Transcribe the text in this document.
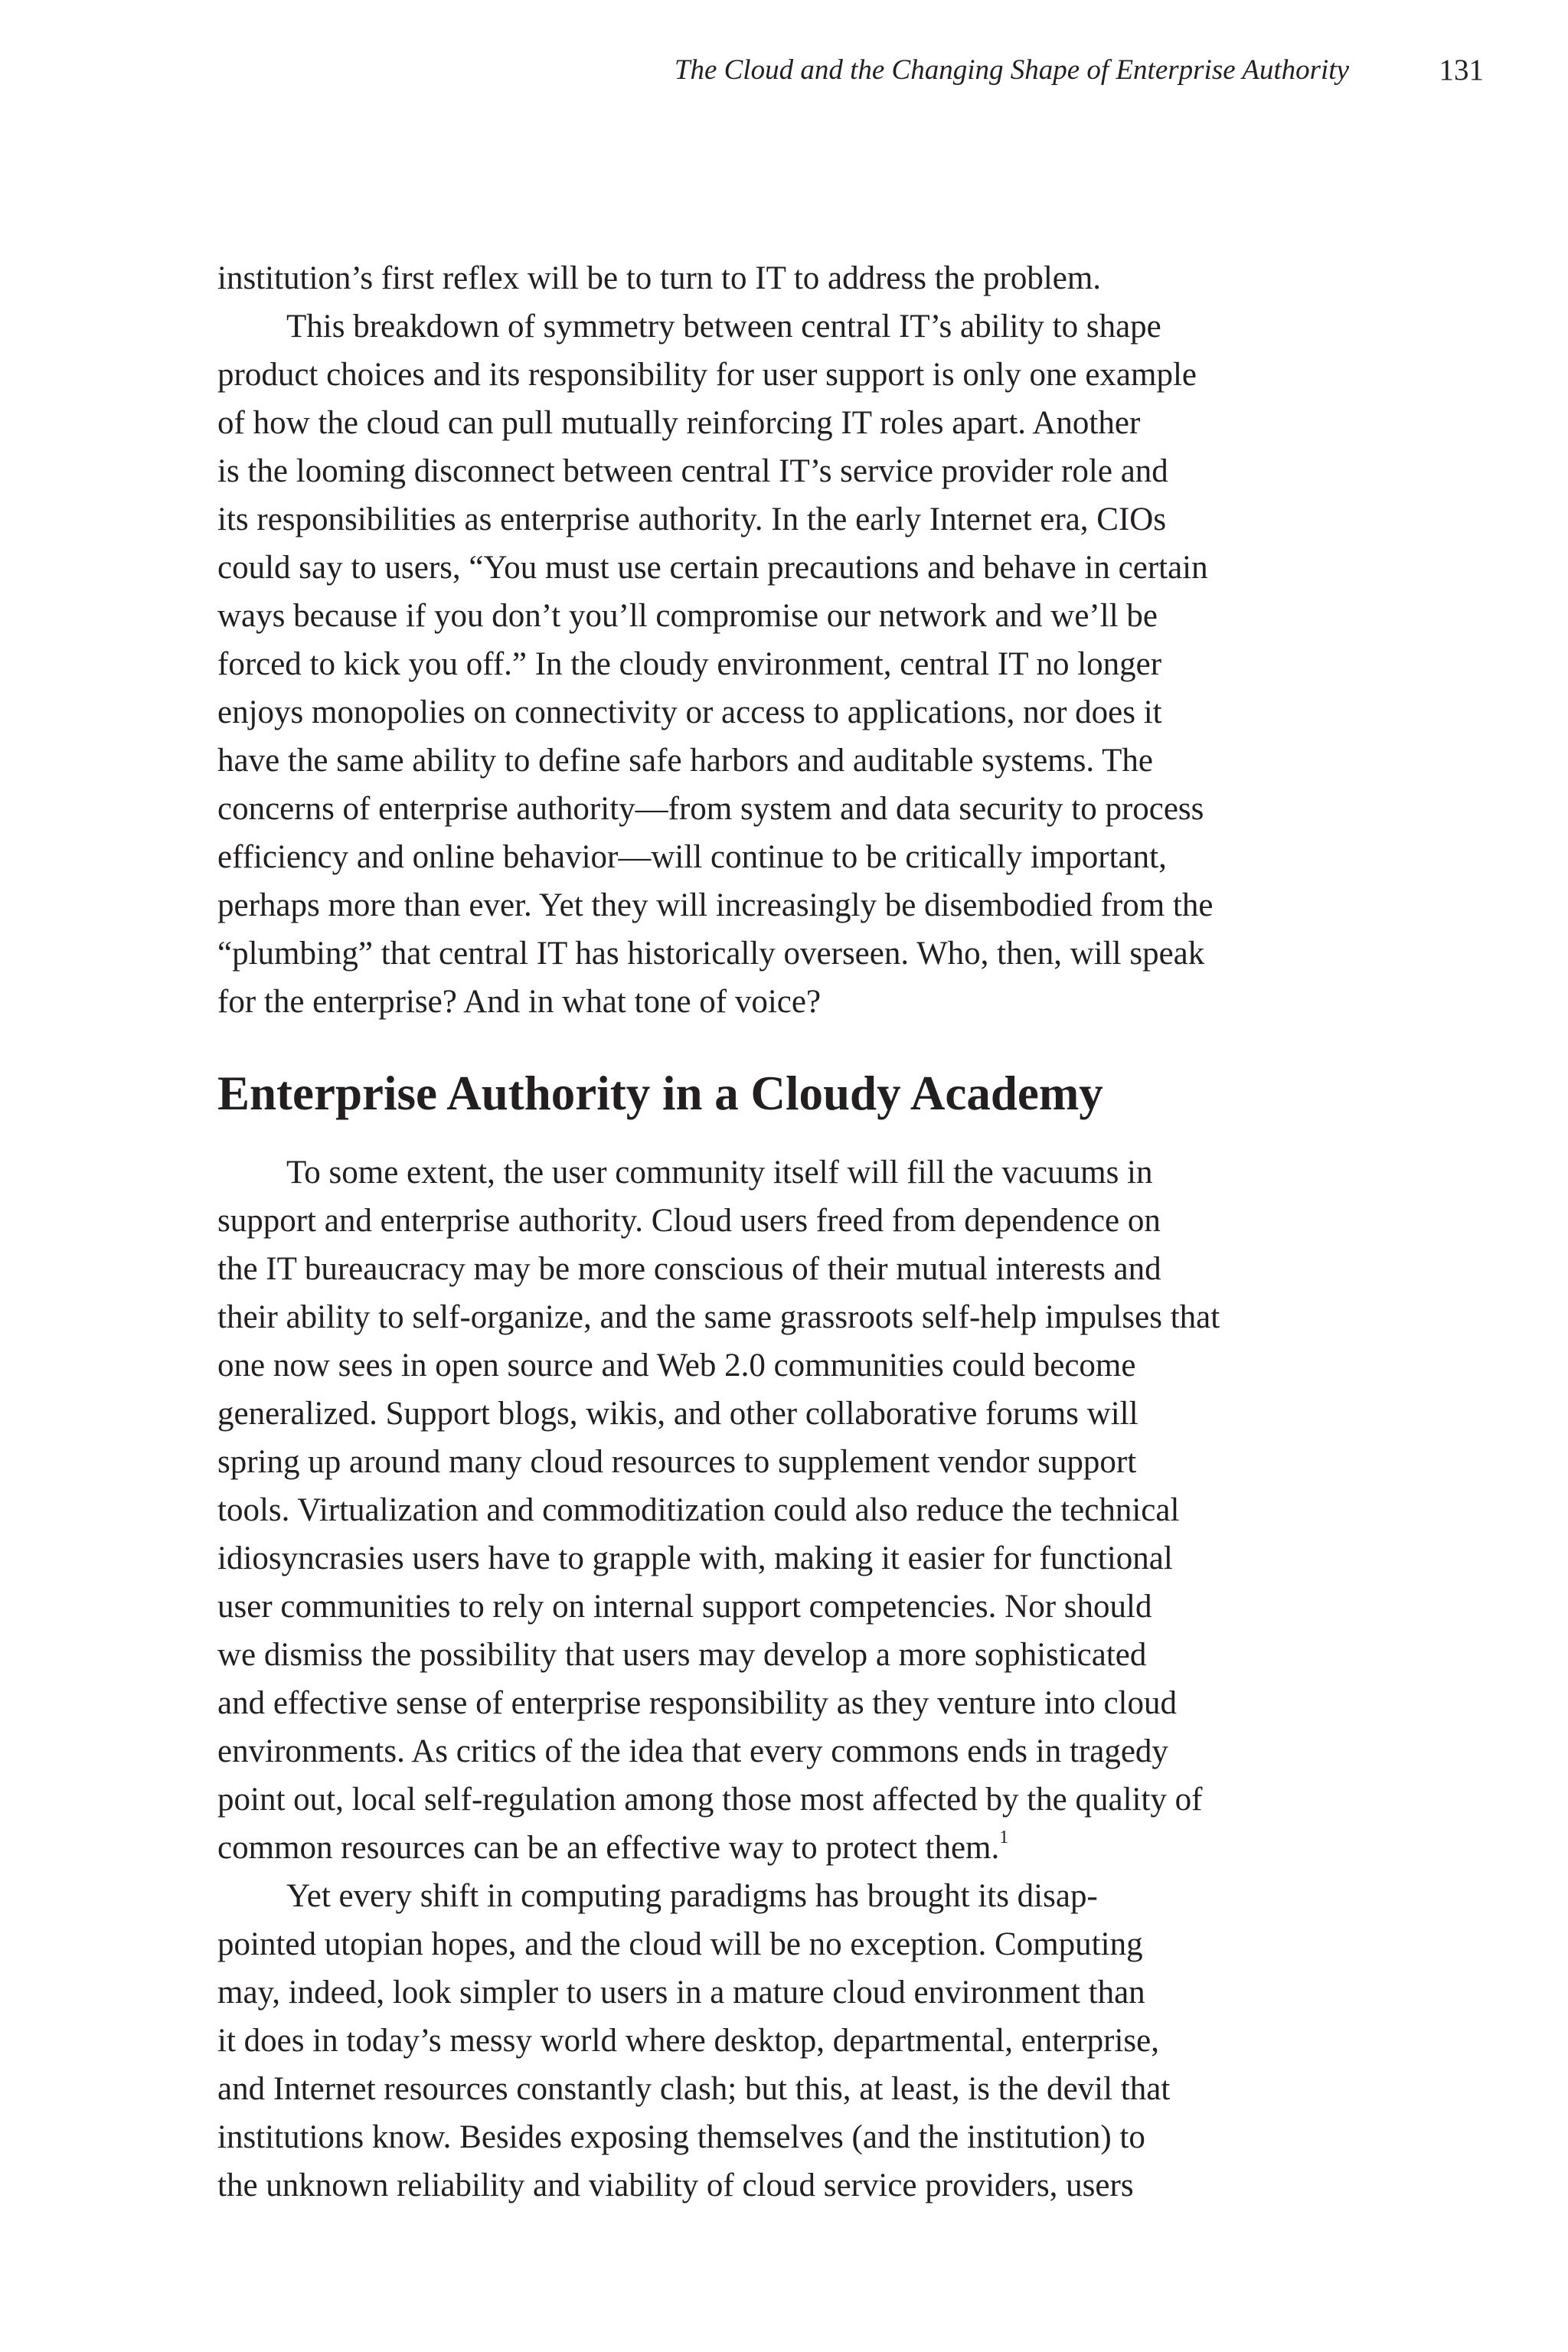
The Cloud and the Changing Shape of Enterprise Authority	131
institution’s first reflex will be to turn to IT to address the problem.
This breakdown of symmetry between central IT’s ability to shape
product choices and its responsibility for user support is only one example
of how the cloud can pull mutually reinforcing IT roles apart. Another
is the looming disconnect between central IT’s service provider role and
its responsibilities as enterprise authority. In the early Internet era, CIOs
could say to users, “You must use certain precautions and behave in certain
ways because if you don’t you’ll compromise our network and we’ll be
forced to kick you off.” In the cloudy environment, central IT no longer
enjoys monopolies on connectivity or access to applications, nor does it
have the same ability to define safe harbors and auditable systems. The
concerns of enterprise authority—from system and data security to process
efficiency and online behavior—will continue to be critically important,
perhaps more than ever. Yet they will increasingly be disembodied from the
“plumbing” that central IT has historically overseen. Who, then, will speak
for the enterprise? And in what tone of voice?
Enterprise Authority in a Cloudy Academy
To some extent, the user community itself will fill the vacuums in
support and enterprise authority. Cloud users freed from dependence on
the IT bureaucracy may be more conscious of their mutual interests and
their ability to self-organize, and the same grassroots self-help impulses that
one now sees in open source and Web 2.0 communities could become
generalized. Support blogs, wikis, and other collaborative forums will
spring up around many cloud resources to supplement vendor support
tools. Virtualization and commoditization could also reduce the technical
idiosyncrasies users have to grapple with, making it easier for functional
user communities to rely on internal support competencies. Nor should
we dismiss the possibility that users may develop a more sophisticated
and effective sense of enterprise responsibility as they venture into cloud
environments. As critics of the idea that every commons ends in tragedy
point out, local self-regulation among those most affected by the quality of
common resources can be an effective way to protect them.$^1$
Yet every shift in computing paradigms has brought its disap-
pointed utopian hopes, and the cloud will be no exception. Computing
may, indeed, look simpler to users in a mature cloud environment than
it does in today’s messy world where desktop, departmental, enterprise,
and Internet resources constantly clash; but this, at least, is the devil that
institutions know. Besides exposing themselves (and the institution) to
the unknown reliability and viability of cloud service providers, users
